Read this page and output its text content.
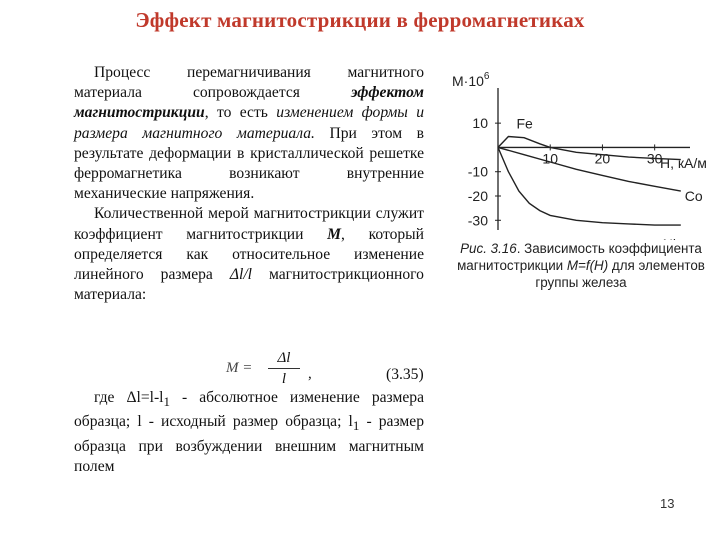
Эффект магнитострикции в ферромагнетиках

Процесс перемагничивания магнитного материала сопровождается эффектом магнитострикции, то есть изменением формы и размера магнитного материала. При этом в результате деформации в кристаллической решетке ферромагнетика возникают внутренние механические напряжения.

Количественной мерой магнитострикции служит коэффициент магнитострикции M, который определяется как относительное изменение линейного размера Δl/l магнитострикционного материала:

$M = \frac{\Delta l}{l}$ ,	(3.35)

где $\Delta l=l-l_1$ - абсолютное изменение размера образца; l - исходный размер образца; $l_1$ - размер образца при возбуждении внешним магнитным полем

$M\cdot 10^6$
H, кА/м
10	20	30
10
-10
-20
-30
Fe
Co
Рис. 3.16. Зависимость коэффициента магнитострикции M=f(H) для элементов группы железа
13
